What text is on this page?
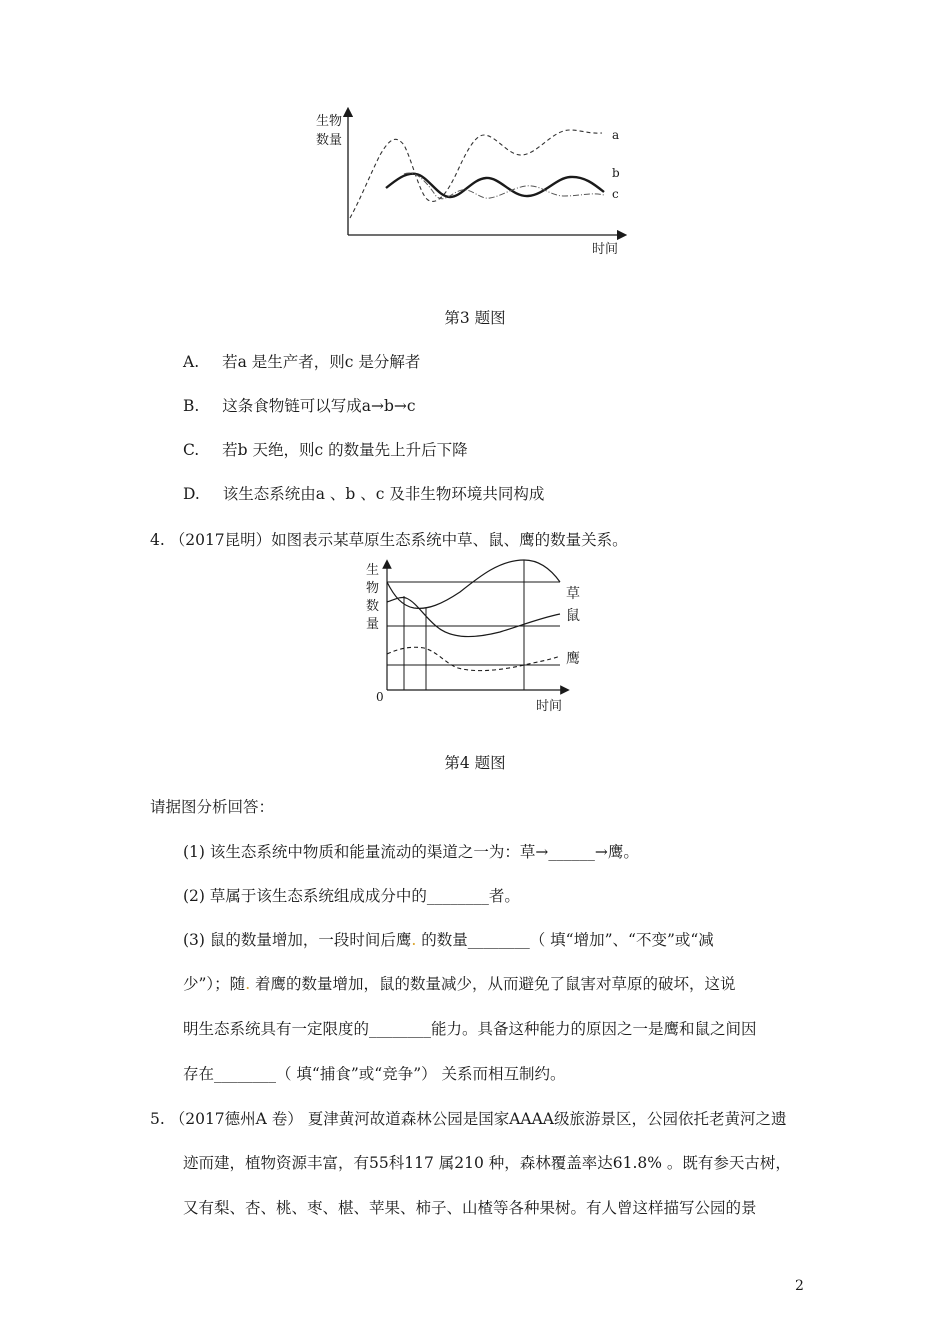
生物
数量
时间
a
b
c
第3 题图
A. 若a 是生产者，则c 是分解者
B. 这条食物链可以写成a→b→c
C. 若b 天绝，则c 的数量先上升后下降
D. 该生态系统由a 、b 、c 及非生物环境共同构成
4. （2017昆明）如图表示某草原生态系统中草、鼠、鹰的数量关系。
生
物
数
量
0
草
鼠
鹰
时间
第4 题图
请据图分析回答：
(1) 该生态系统中物质和能量流动的渠道之一为：草→______→鹰。
(2) 草属于该生态系统组成成分中的________者。
(3) 鼠的数量增加，一段时间后鹰. 的数量________（ 填“增加”、“不变”或“减
少”）；随. 着鹰的数量增加，鼠的数量减少，从而避免了鼠害对草原的破坏，这说
明生态系统具有一定限度的________能力。具备这种能力的原因之一是鹰和鼠之间因
存在________（ 填“捕食”或“竞争”） 关系而相互制约。
5. （2017德州A 卷） 夏津黄河故道森林公园是国家AAAA级旅游景区，公园依托老黄河之遗
迹而建，植物资源丰富，有55科117 属210 种，森林覆盖率达61.8% 。既有参天古树，
又有梨、杏、桃、枣、椹、苹果、柿子、山楂等各种果树。有人曾这样描写公园的景
2
